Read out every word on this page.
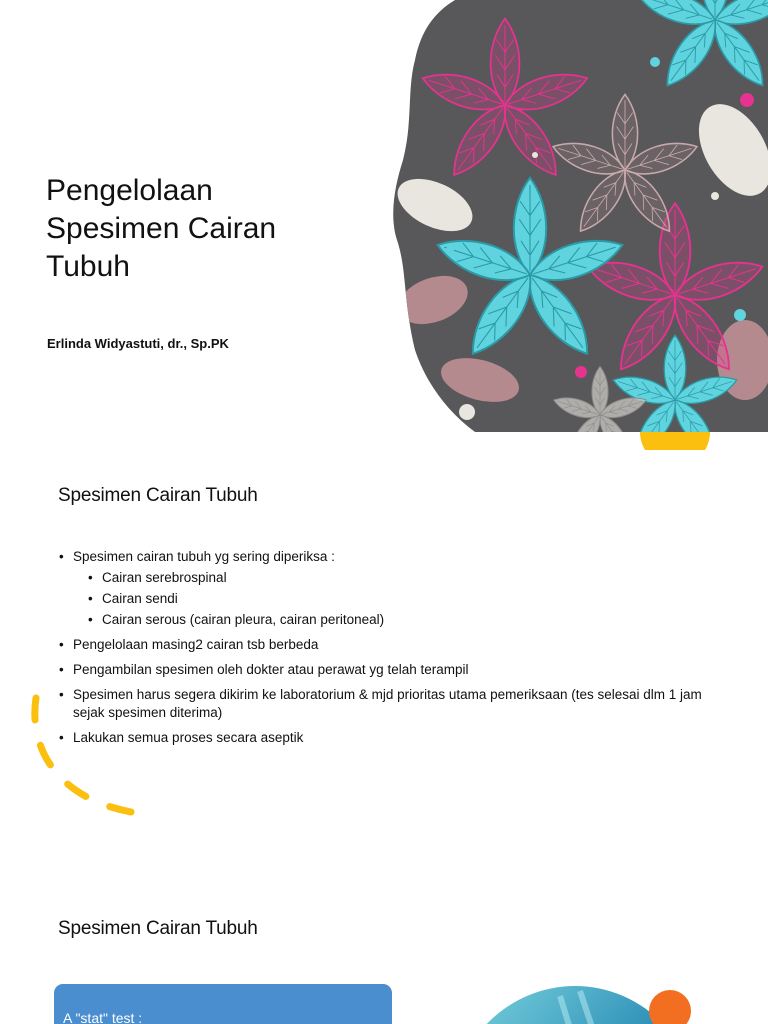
Pengelolaan
Spesimen Cairan
Tubuh

Erlinda Widyastuti, dr., Sp.PK

Spesimen Cairan Tubuh
• Spesimen cairan tubuh yg sering diperiksa :
• Cairan serebrospinal
• Cairan sendi
• Cairan serous (cairan pleura, cairan peritoneal)
• Pengelolaan masing2 cairan tsb berbeda
• Pengambilan spesimen oleh dokter atau perawat yg telah terampil
• Spesimen harus segera dikirim ke laboratorium & mjd prioritas utama pemeriksaan (tes selesai dlm 1 jam sejak spesimen diterima)
• Lakukan semua proses secara aseptik
Spesimen Cairan Tubuh

A "stat" test :
